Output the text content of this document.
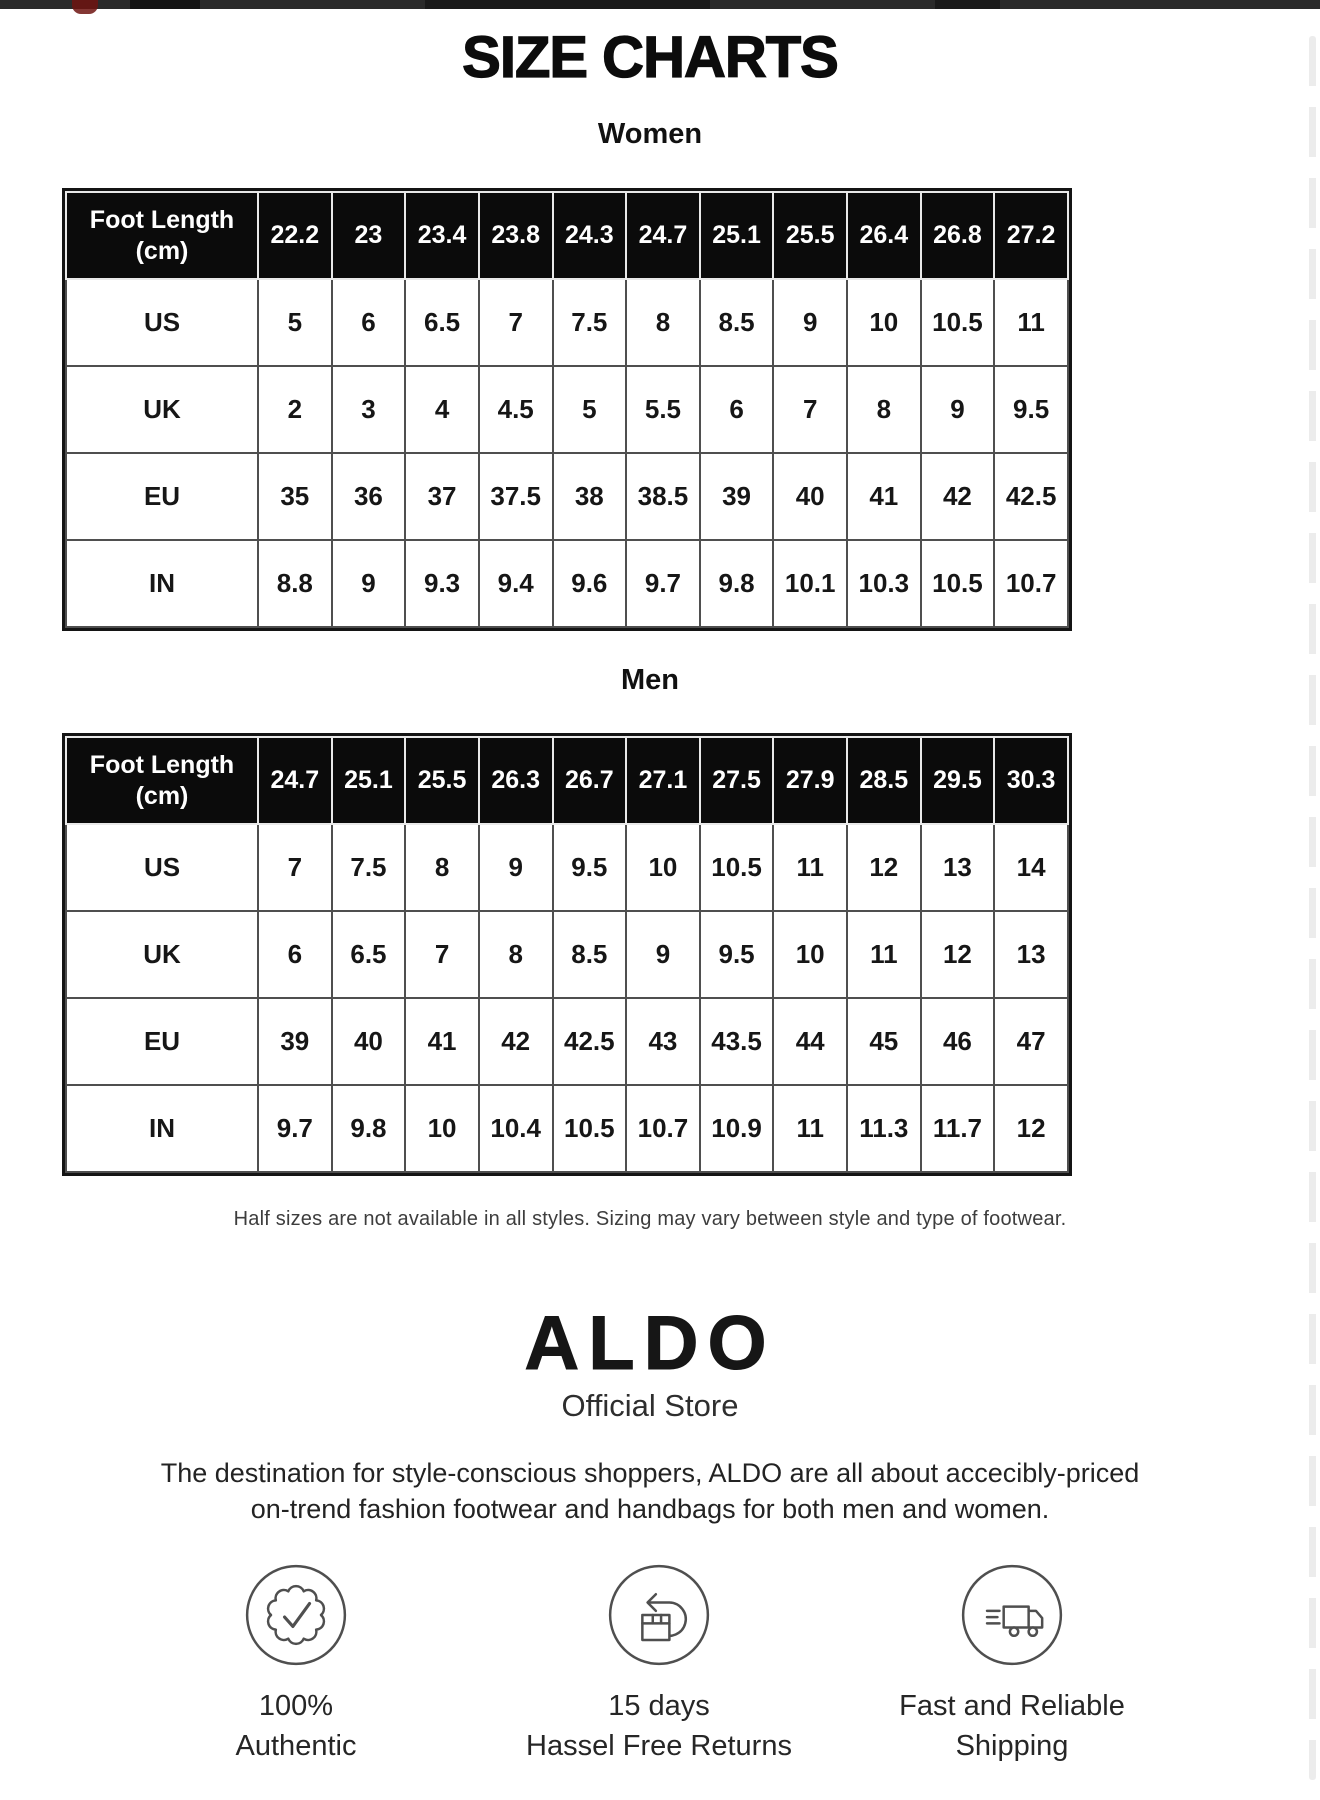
SIZE CHARTS
Women
Foot Length
(cm)	22.2	23	23.4	23.8	24.3	24.7	25.1	25.5	26.4	26.8	27.2
US	5	6	6.5	7	7.5	8	8.5	9	10	10.5	11
UK	2	3	4	4.5	5	5.5	6	7	8	9	9.5
EU	35	36	37	37.5	38	38.5	39	40	41	42	42.5
IN	8.8	9	9.3	9.4	9.6	9.7	9.8	10.1	10.3	10.5	10.7
Men
Foot Length
(cm)	24.7	25.1	25.5	26.3	26.7	27.1	27.5	27.9	28.5	29.5	30.3
US	7	7.5	8	9	9.5	10	10.5	11	12	13	14
UK	6	6.5	7	8	8.5	9	9.5	10	11	12	13
EU	39	40	41	42	42.5	43	43.5	44	45	46	47
IN	9.7	9.8	10	10.4	10.5	10.7	10.9	11	11.3	11.7	12
Half sizes are not available in all styles. Sizing may vary between style and type of footwear.
ALDO
Official Store
The destination for style-conscious shoppers, ALDO are all about accecibly-priced
on-trend fashion footwear and handbags for both men and women.
100%
Authentic
15 days
Hassel Free Returns
Fast and Reliable
Shipping
